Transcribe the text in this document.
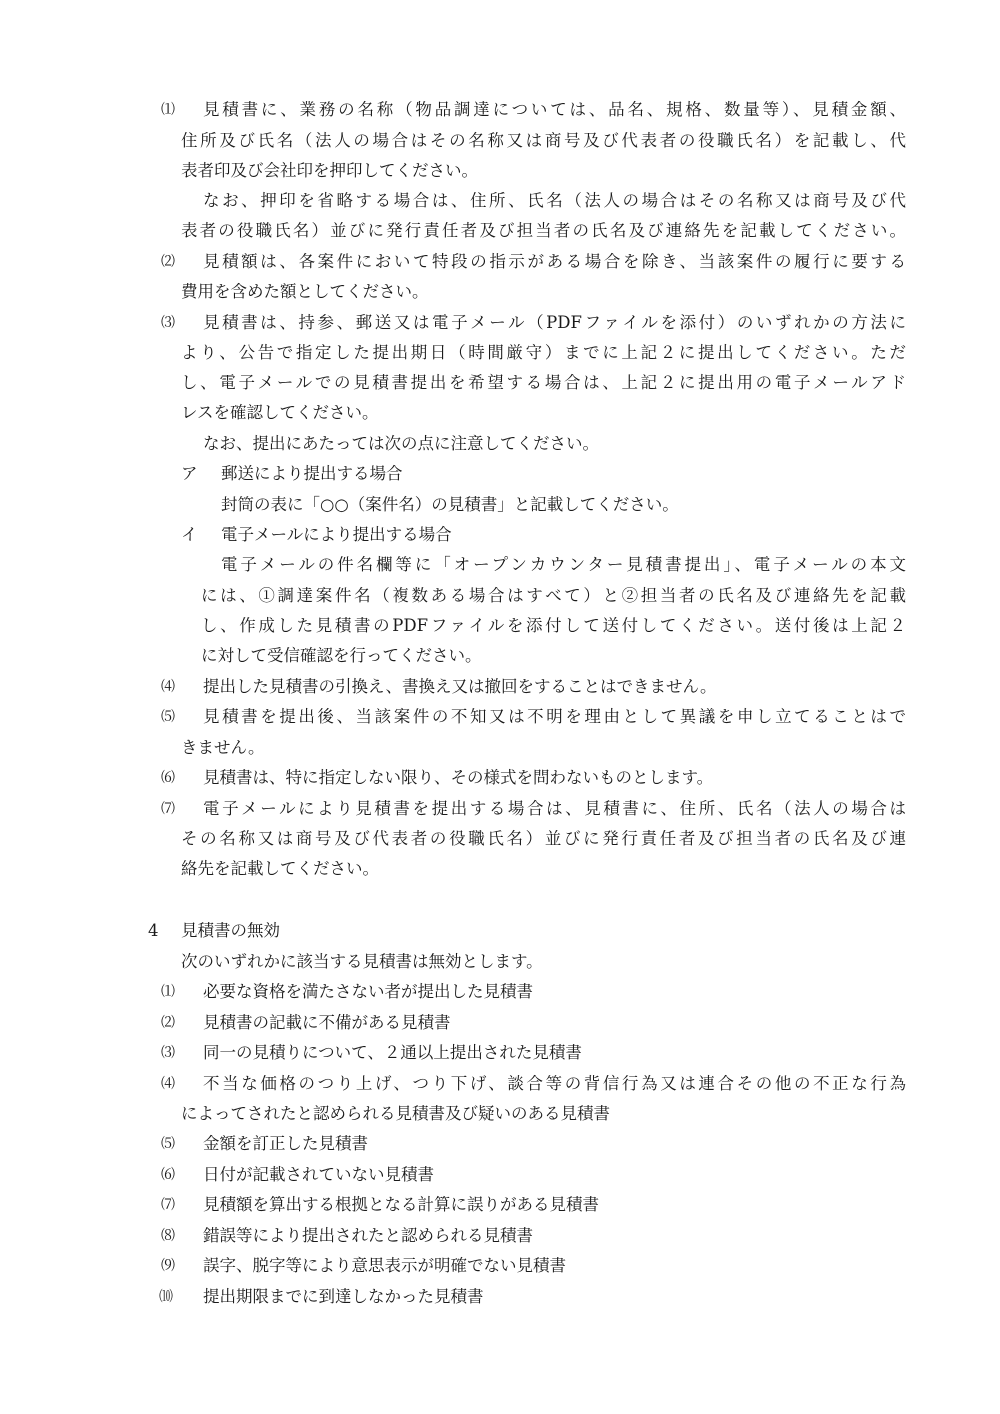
⑴ 見積書に、業務の名称（物品調達については、品名、規格、数量等）、見積金額、
住所及び氏名（法人の場合はその名称又は商号及び代表者の役職氏名）を記載し、代
表者印及び会社印を押印してください。
なお、押印を省略する場合は、住所、氏名（法人の場合はその名称又は商号及び代
表者の役職氏名）並びに発行責任者及び担当者の氏名及び連絡先を記載してください。
⑵ 見積額は、各案件において特段の指示がある場合を除き、当該案件の履行に要する
費用を含めた額としてください。
⑶ 見積書は、持参、郵送又は電子メール（PDFファイルを添付）のいずれかの方法に
より、公告で指定した提出期日（時間厳守）までに上記２に提出してください。ただ
し、電子メールでの見積書提出を希望する場合は、上記２に提出用の電子メールアド
レスを確認してください。
なお、提出にあたっては次の点に注意してください。
ア 郵送により提出する場合
封筒の表に「○○（案件名）の見積書」と記載してください。
イ 電子メールにより提出する場合
電子メールの件名欄等に「オープンカウンター見積書提出」、電子メールの本文
には、①調達案件名（複数ある場合はすべて）と②担当者の氏名及び連絡先を記載
し、作成した見積書のPDFファイルを添付して送付してください。送付後は上記２
に対して受信確認を行ってください。
⑷ 提出した見積書の引換え、書換え又は撤回をすることはできません。
⑸ 見積書を提出後、当該案件の不知又は不明を理由として異議を申し立てることはで
きません。
⑹ 見積書は、特に指定しない限り、その様式を問わないものとします。
⑺ 電子メールにより見積書を提出する場合は、見積書に、住所、氏名（法人の場合は
その名称又は商号及び代表者の役職氏名）並びに発行責任者及び担当者の氏名及び連
絡先を記載してください。
4 見積書の無効
次のいずれかに該当する見積書は無効とします。
⑴ 必要な資格を満たさない者が提出した見積書
⑵ 見積書の記載に不備がある見積書
⑶ 同一の見積りについて、２通以上提出された見積書
⑷ 不当な価格のつり上げ、つり下げ、談合等の背信行為又は連合その他の不正な行為
によってされたと認められる見積書及び疑いのある見積書
⑸ 金額を訂正した見積書
⑹ 日付が記載されていない見積書
⑺ 見積額を算出する根拠となる計算に誤りがある見積書
⑻ 錯誤等により提出されたと認められる見積書
⑼ 誤字、脱字等により意思表示が明確でない見積書
⑽ 提出期限までに到達しなかった見積書
